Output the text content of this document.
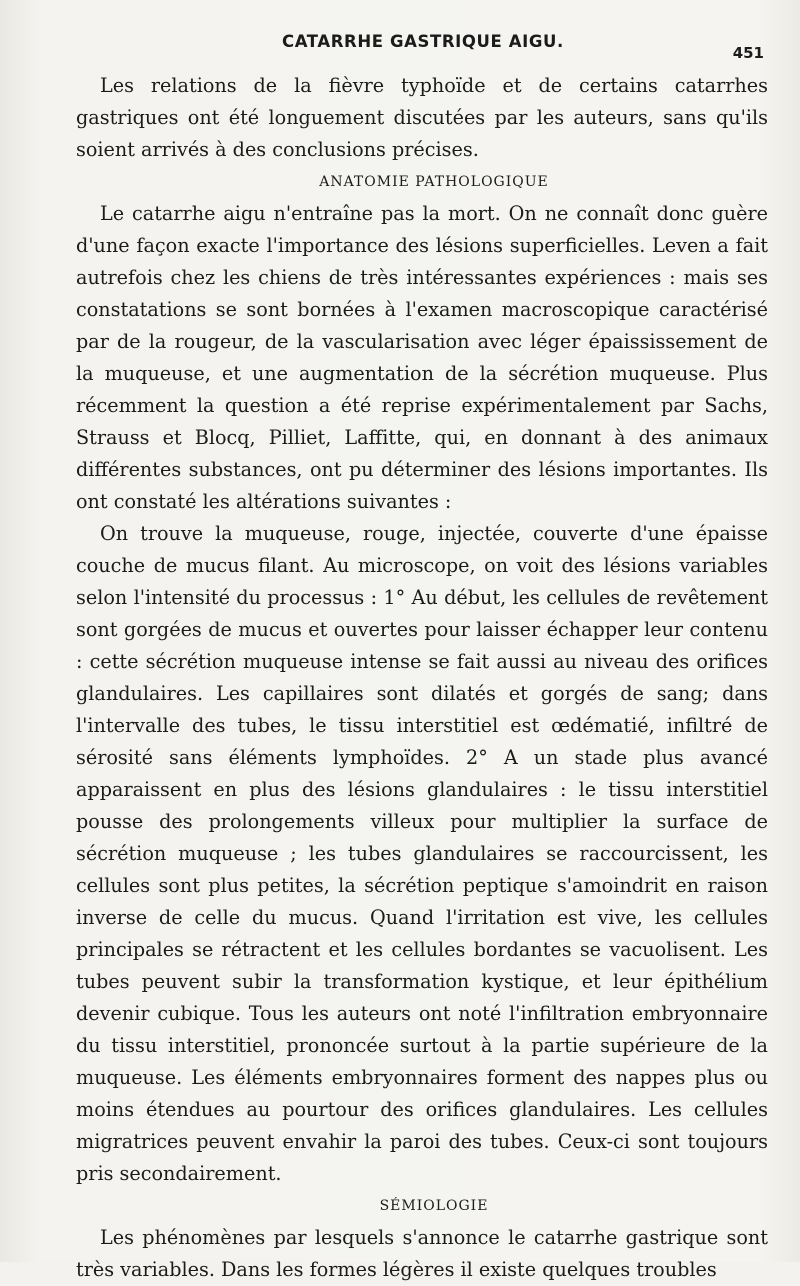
CATARRHE GASTRIQUE AIGU.
451

Les relations de la fièvre typhoïde et de certains catarrhes gastriques ont été longuement discutées par les auteurs, sans qu'ils soient arrivés à des conclusions précises.

ANATOMIE PATHOLOGIQUE

Le catarrhe aigu n'entraîne pas la mort. On ne connaît donc guère d'une façon exacte l'importance des lésions superficielles. Leven a fait autrefois chez les chiens de très intéressantes expériences : mais ses constatations se sont bornées à l'examen macroscopique caractérisé par de la rougeur, de la vascularisation avec léger épaississement de la muqueuse, et une augmentation de la sécrétion muqueuse. Plus récemment la question a été reprise expérimentalement par Sachs, Strauss et Blocq, Pilliet, Laffitte, qui, en donnant à des animaux différentes substances, ont pu déterminer des lésions importantes. Ils ont constaté les altérations suivantes :

On trouve la muqueuse, rouge, injectée, couverte d'une épaisse couche de mucus filant. Au microscope, on voit des lésions variables selon l'intensité du processus : 1° Au début, les cellules de revêtement sont gorgées de mucus et ouvertes pour laisser échapper leur contenu : cette sécrétion muqueuse intense se fait aussi au niveau des orifices glandulaires. Les capillaires sont dilatés et gorgés de sang; dans l'intervalle des tubes, le tissu interstitiel est œdématié, infiltré de sérosité sans éléments lymphoïdes. 2° A un stade plus avancé apparaissent en plus des lésions glandulaires : le tissu interstitiel pousse des prolongements villeux pour multiplier la surface de sécrétion muqueuse ; les tubes glandulaires se raccourcissent, les cellules sont plus petites, la sécrétion peptique s'amoindrit en raison inverse de celle du mucus. Quand l'irritation est vive, les cellules principales se rétractent et les cellules bordantes se vacuolisent. Les tubes peuvent subir la transformation kystique, et leur épithélium devenir cubique. Tous les auteurs ont noté l'infiltration embryonnaire du tissu interstitiel, prononcée surtout à la partie supérieure de la muqueuse. Les éléments embryonnaires forment des nappes plus ou moins étendues au pourtour des orifices glandulaires. Les cellules migratrices peuvent envahir la paroi des tubes. Ceux-ci sont toujours pris secondairement.

SÉMIOLOGIE

Les phénomènes par lesquels s'annonce le catarrhe gastrique sont très variables. Dans les formes légères il existe quelques troubles
